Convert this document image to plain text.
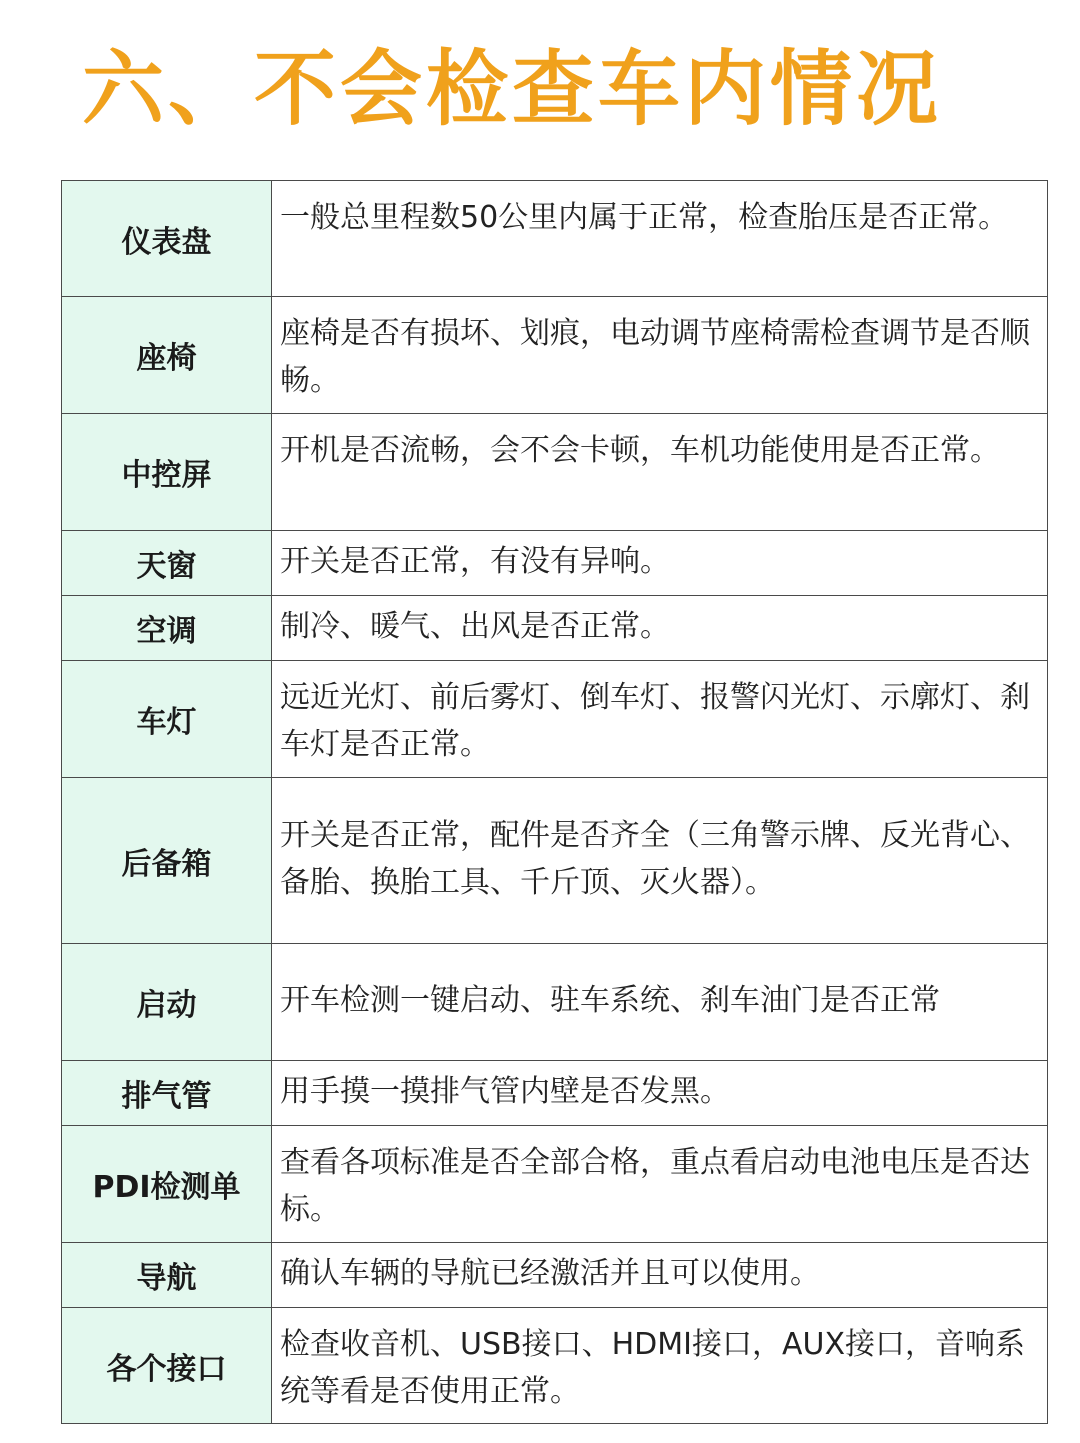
六、不会检查车内情况
仪表盘	一般总里程数50公里内属于正常，检查胎压是否正常。
座椅	座椅是否有损坏、划痕，电动调节座椅需检查调节是否顺畅。
中控屏	开机是否流畅，会不会卡顿，车机功能使用是否正常。
天窗	开关是否正常，有没有异响。
空调	制冷、暖气、出风是否正常。
车灯	远近光灯、前后雾灯、倒车灯、报警闪光灯、示廓灯、刹车灯是否正常。
后备箱	开关是否正常，配件是否齐全（三角警示牌、反光背心、备胎、换胎工具、千斤顶、灭火器）。
启动	开车检测一键启动、驻车系统、刹车油门是否正常
排气管	用手摸一摸排气管内壁是否发黑。
PDI检测单	查看各项标准是否全部合格，重点看启动电池电压是否达标。
导航	确认车辆的导航已经激活并且可以使用。
各个接口	检查收音机、USB接口、HDMI接口，AUX接口，音响系统等看是否使用正常。
